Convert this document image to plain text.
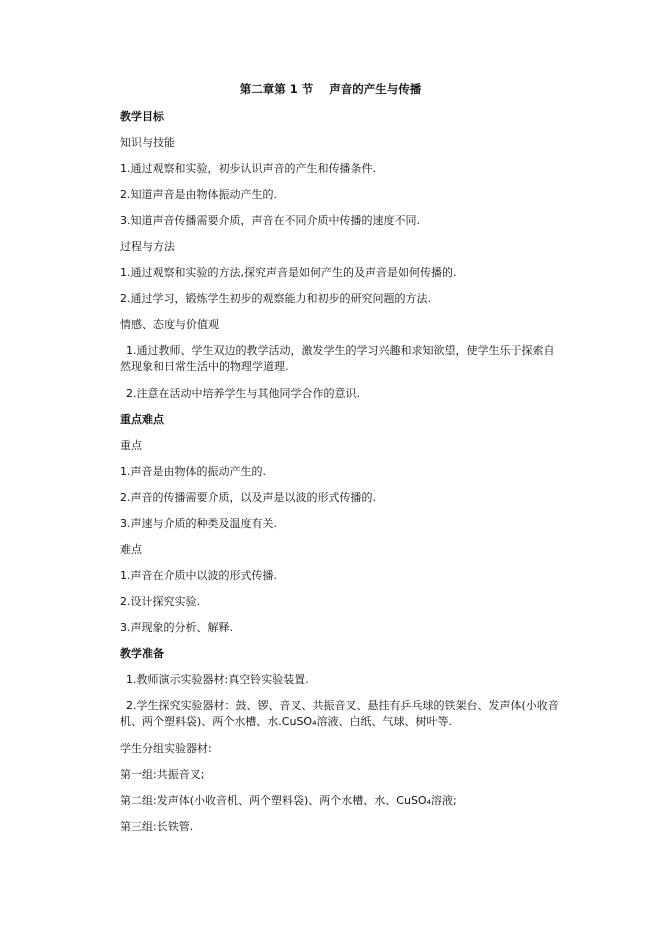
第二章第 1 节    声音的产生与传播

教学目标

知识与技能

1.通过观察和实验，初步认识声音的产生和传播条件.

2.知道声音是由物体振动产生的.

3.知道声音传播需要介质，声音在不同介质中传播的速度不同.

过程与方法

1.通过观察和实验的方法,探究声音是如何产生的及声音是如何传播的.

2.通过学习，锻炼学生初步的观察能力和初步的研究问题的方法.

情感、态度与价值观

1.通过教师、学生双边的教学活动，激发学生的学习兴趣和求知欲望，使学生乐于探索自然现象和日常生活中的物理学道理.

2.注意在活动中培养学生与其他同学合作的意识.

重点难点

重点

1.声音是由物体的振动产生的.

2.声音的传播需要介质，以及声是以波的形式传播的.

3.声速与介质的种类及温度有关.

难点

1.声音在介质中以波的形式传播.

2.设计探究实验.

3.声现象的分析、解释.

教学准备

1.教师演示实验器材:真空铃实验装置.

2.学生探究实验器材：鼓、锣、音叉、共振音叉、悬挂有乒乓球的铁架台、发声体(小收音机、两个塑料袋)、两个水槽、水.CuSO₄溶液、白纸、气球、树叶等.

学生分组实验器材:

第一组:共振音叉;

第二组:发声体(小收音机、两个塑料袋)、两个水槽、水、CuSO₄溶液;

第三组:长铁管.
